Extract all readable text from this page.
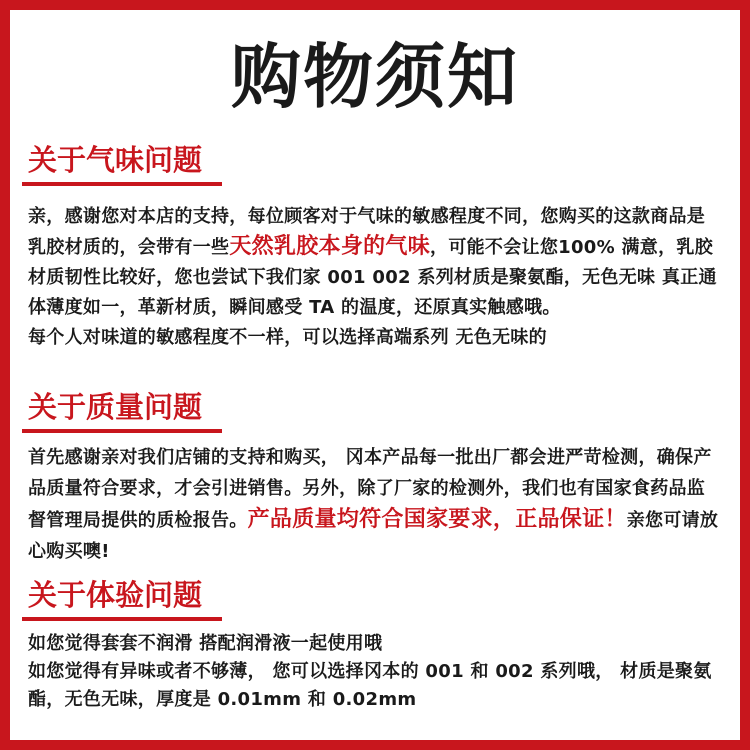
购物须知
关于气味问题

亲，感谢您对本店的支持，每位顾客对于气味的敏感程度不同，您购买的这款商品是乳胶材质的，会带有一些天然乳胶本身的气味，可能不会让您100% 满意，乳胶材质韧性比较好，您也尝试下我们家 001 002 系列材质是聚氨酯，无色无味 真正通体薄度如一，革新材质，瞬间感受 TA 的温度，还原真实触感哦。

每个人对味道的敏感程度不一样，可以选择高端系列 无色无味的

关于质量问题

首先感谢亲对我们店铺的支持和购买， 冈本产品每一批出厂都会进严苛检测，确保产品质量符合要求，才会引进销售。另外，除了厂家的检测外，我们也有国家食药品监督管理局提供的质检报告。产品质量均符合国家要求，正品保证！亲您可请放心购买噢!

关于体验问题

如您觉得套套不润滑 搭配润滑液一起使用哦

如您觉得有异味或者不够薄， 您可以选择冈本的 001 和 002 系列哦， 材质是聚氨酯，无色无味，厚度是 0.01mm 和 0.02mm
